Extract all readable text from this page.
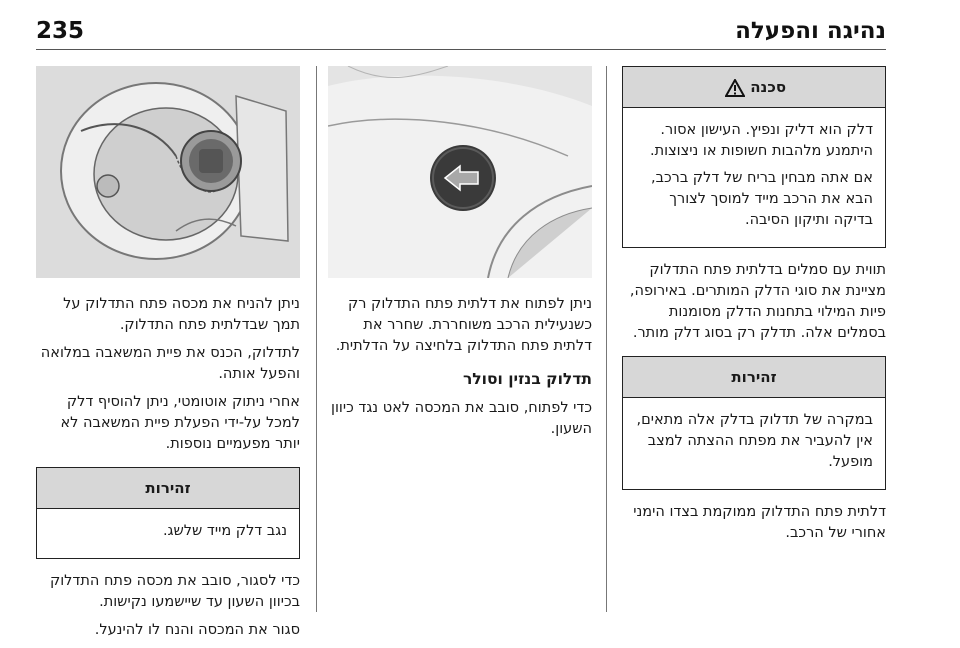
235	נהיגה והפעלה
סכנה

דלק הוא דליק ונפיץ. העישון אסור. היתמנע מלהבות חשופות או ניצוצות.

אם אתה מבחין בריח של דלק ברכב, הבא את הרכב מייד למוסך לצורך בדיקה ותיקון הסיבה.

תווית עם סמלים בדלתית פתח התדלוק מציינת את סוגי הדלק המותרים. באירופה, פיות המילוי בתחנות הדלק מסומנות בסמלים אלה. תדלק רק בסוג דלק מותר.

זהירות

במקרה של תדלוק בדלק אלה מתאים, אין להעביר את מפתח ההצתה למצב מופעל.

דלתית פתח התדלוק ממוקמת בצדו הימני אחורי של הרכב.

ניתן לפתוח את דלתית פתח התדלוק רק כשנעילית הרכב משוחררת. שחרר את דלתית פתח התדלוק בלחיצה על הדלתית.

תדלוק בנזין וסולר

כדי לפתוח, סובב את המכסה לאט נגד כיוון השעון.

ניתן להניח את מכסה פתח התדלוק על תמך שבדלתית פתח התדלוק.

לתדלוק, הכנס את פיית המשאבה במלואה והפעל אותה.

אחרי ניתוק אוטומטי, ניתן להוסיף דלק למכל על-ידי הפעלת פיית המשאבה לא יותר מפעמיים נוספות.

זהירות

נגב דלק מייד שלשג.

כדי לסגור, סובב את מכסה פתח התדלוק בכיוון השעון עד שיישמעו נקישות.

סגור את המכסה והנח לו להינעל.
